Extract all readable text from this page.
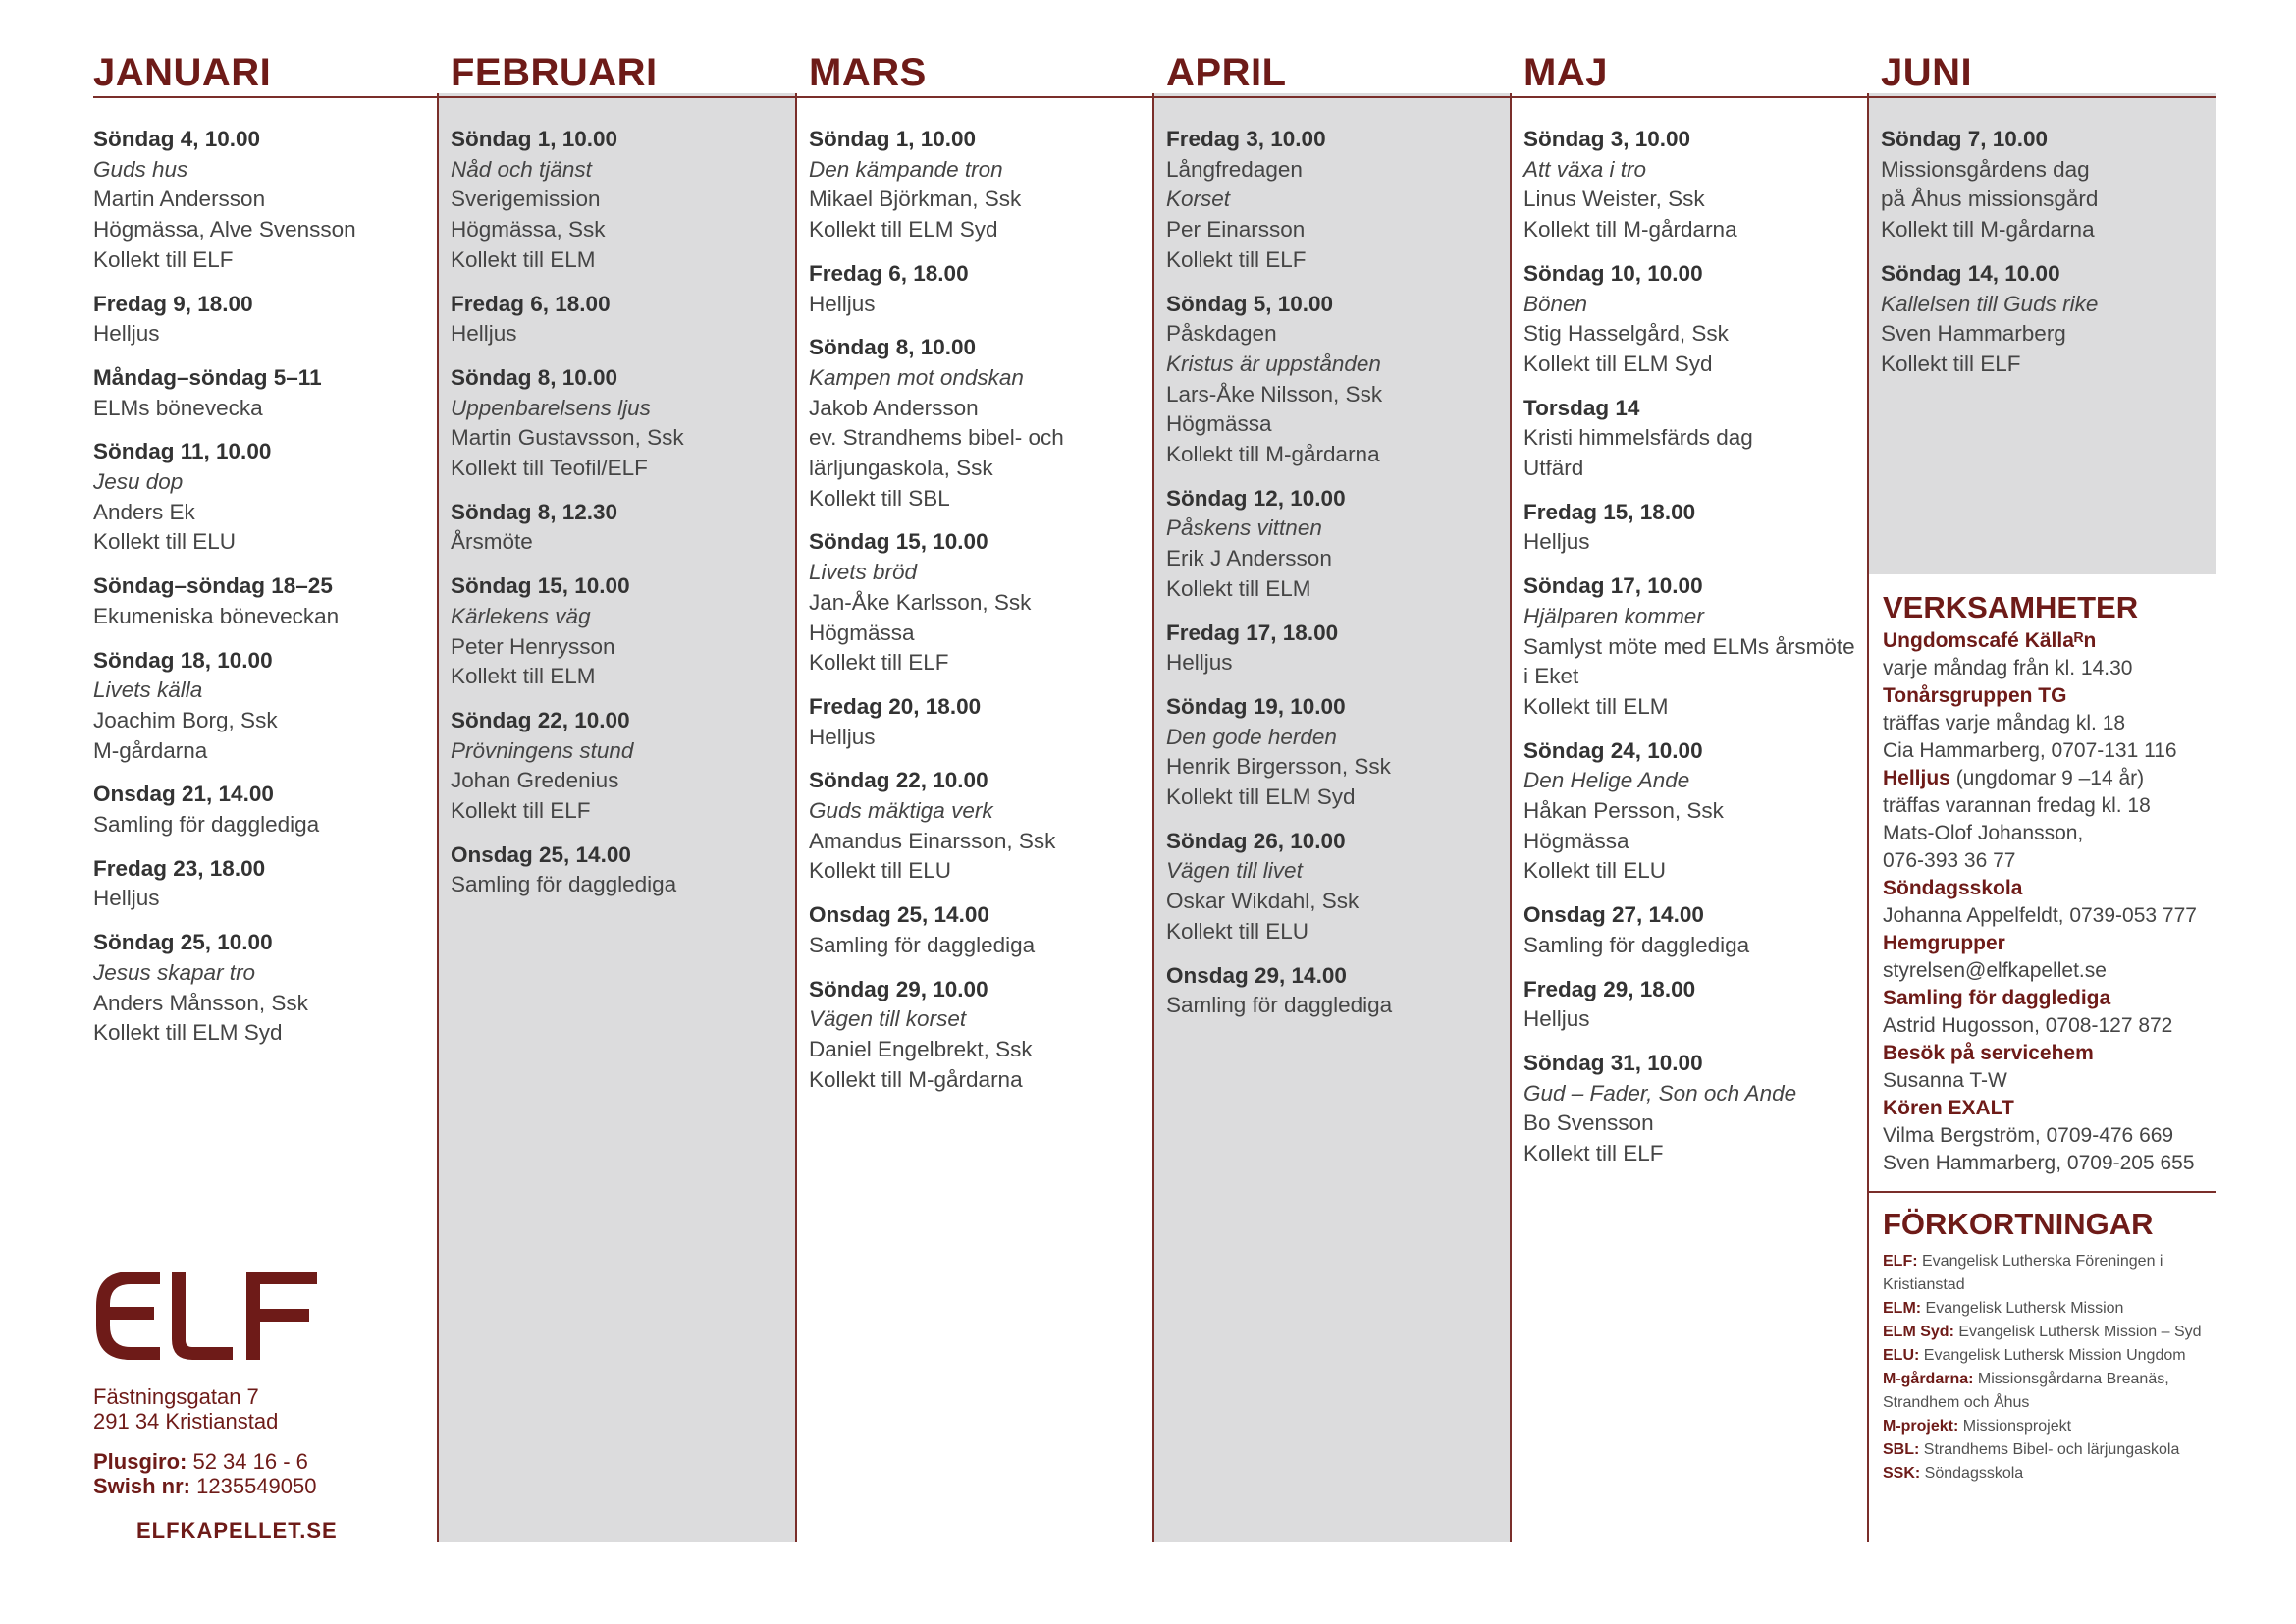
JANUARI
Söndag 4, 10.00
Guds hus
Martin Andersson
Högmässa, Alve Svensson
Kollekt till ELF
Fredag 9, 18.00
Helljus
Måndag–söndag 5–11
ELMs bönevecka
Söndag 11, 10.00
Jesu dop
Anders Ek
Kollekt till ELU
Söndag–söndag 18–25
Ekumeniska böneveckan
Söndag 18, 10.00
Livets källa
Joachim Borg, Ssk
M-gårdarna
Onsdag 21, 14.00
Samling för dagglediga
Fredag 23, 18.00
Helljus
Söndag 25, 10.00
Jesus skapar tro
Anders Månsson, Ssk
Kollekt till ELM Syd
FEBRUARI
Söndag 1, 10.00
Nåd och tjänst
Sverigemission
Högmässa, Ssk
Kollekt till ELM
Fredag 6, 18.00
Helljus
Söndag 8, 10.00
Uppenbarelsens ljus
Martin Gustavsson, Ssk
Kollekt till Teofil/ELF
Söndag 8, 12.30
Årsmöte
Söndag 15, 10.00
Kärlekens väg
Peter Henrysson
Kollekt till ELM
Söndag 22, 10.00
Prövningens stund
Johan Gredenius
Kollekt till ELF
Onsdag 25, 14.00
Samling för dagglediga
MARS
Söndag 1, 10.00
Den kämpande tron
Mikael Björkman, Ssk
Kollekt till ELM Syd
Fredag 6, 18.00
Helljus
Söndag 8, 10.00
Kampen mot ondskan
Jakob Andersson
ev. Strandhems bibel- och
lärljungaskola, Ssk
Kollekt till SBL
Söndag 15, 10.00
Livets bröd
Jan-Åke Karlsson, Ssk
Högmässa
Kollekt till ELF
Fredag 20, 18.00
Helljus
Söndag 22, 10.00
Guds mäktiga verk
Amandus Einarsson, Ssk
Kollekt till ELU
Onsdag 25, 14.00
Samling för dagglediga
Söndag 29, 10.00
Vägen till korset
Daniel Engelbrekt, Ssk
Kollekt till M-gårdarna
APRIL
Fredag 3, 10.00
Långfredagen
Korset
Per Einarsson
Kollekt till ELF
Söndag 5, 10.00
Påskdagen
Kristus är uppstånden
Lars-Åke Nilsson, Ssk
Högmässa
Kollekt till M-gårdarna
Söndag 12, 10.00
Påskens vittnen
Erik J Andersson
Kollekt till ELM
Fredag 17, 18.00
Helljus
Söndag 19, 10.00
Den gode herden
Henrik Birgersson, Ssk
Kollekt till ELM Syd
Söndag 26, 10.00
Vägen till livet
Oskar Wikdahl, Ssk
Kollekt till ELU
Onsdag 29, 14.00
Samling för dagglediga
MAJ
Söndag 3, 10.00
Att växa i tro
Linus Weister, Ssk
Kollekt till M-gårdarna
Söndag 10, 10.00
Bönen
Stig Hasselgård, Ssk
Kollekt till ELM Syd
Torsdag 14
Kristi himmelsfärds dag
Utfärd
Fredag 15, 18.00
Helljus
Söndag 17, 10.00
Hjälparen kommer
Samlyst möte med ELMs årsmöte
i Eket
Kollekt till ELM
Söndag 24, 10.00
Den Helige Ande
Håkan Persson, Ssk
Högmässa
Kollekt till ELU
Onsdag 27, 14.00
Samling för dagglediga
Fredag 29, 18.00
Helljus
Söndag 31, 10.00
Gud – Fader, Son och Ande
Bo Svensson
Kollekt till ELF
JUNI
Söndag 7, 10.00
Missionsgårdens dag
på Åhus missionsgård
Kollekt till M-gårdarna
Söndag 14, 10.00
Kallelsen till Guds rike
Sven Hammarberg
Kollekt till ELF
VERKSAMHETER
Ungdomscafé Källaᴿn
varje måndag från kl. 14.30
Tonårsgruppen TG
träffas varje måndag kl. 18
Cia Hammarberg, 0707-131 116
Helljus (ungdomar 9 –14 år)
träffas varannan fredag kl. 18
Mats-Olof Johansson,
076-393 36 77
Söndagsskola
Johanna Appelfeldt, 0739-053 777
Hemgrupper
styrelsen@elfkapellet.se
Samling för dagglediga
Astrid Hugosson, 0708-127 872
Besök på servicehem
Susanna T-W
Kören EXALT
Vilma Bergström, 0709-476 669
Sven Hammarberg, 0709-205 655
FÖRKORTNINGAR
ELF: Evangelisk Lutherska Föreningen i
Kristianstad
ELM: Evangelisk Luthersk Mission
ELM Syd: Evangelisk Luthersk Mission – Syd
ELU: Evangelisk Luthersk Mission Ungdom
M-gårdarna: Missionsgårdarna Breanäs,
Strandhem och Åhus
M-projekt: Missionsprojekt
SBL: Strandhems Bibel- och lärjungaskola
SSK: Söndagsskola
Fästningsgatan 7
291 34 Kristianstad
Plusgiro: 52 34 16 - 6
Swish nr: 1235549050
ELFKAPELLET.SE
